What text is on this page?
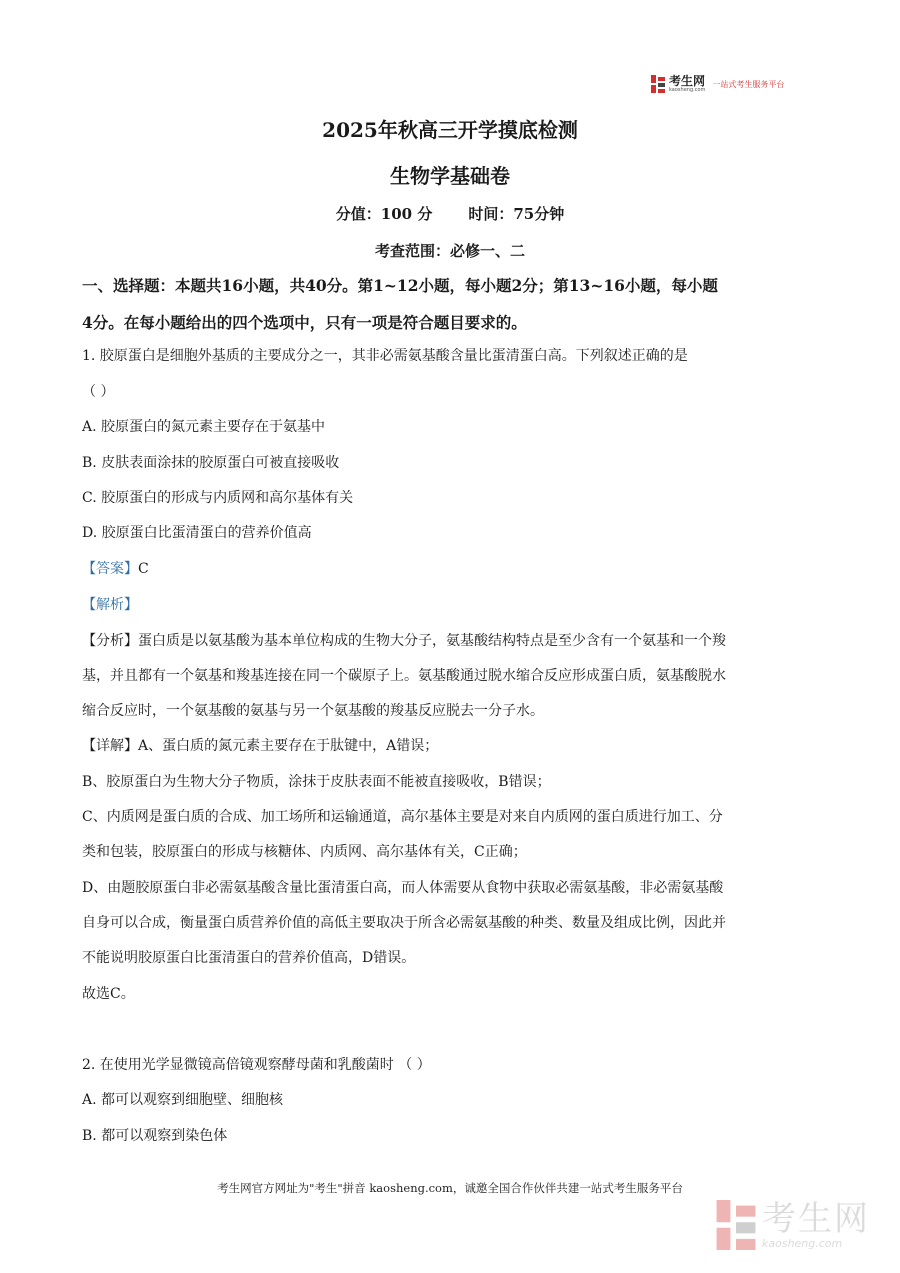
考生网
kaosheng.com
一站式考生服务平台
2025年秋高三开学摸底检测
生物学基础卷
分值：100 分 时间：75分钟
考查范围：必修一、二
一、选择题：本题共16小题，共40分。第1~12小题，每小题2分；第13~16小题，每小题
4分。在每小题给出的四个选项中，只有一项是符合题目要求的。
1. 胶原蛋白是细胞外基质的主要成分之一，其非必需氨基酸含量比蛋清蛋白高。下列叙述正确的是
（ ）
A. 胶原蛋白的氮元素主要存在于氨基中
B. 皮肤表面涂抹的胶原蛋白可被直接吸收
C. 胶原蛋白的形成与内质网和高尔基体有关
D. 胶原蛋白比蛋清蛋白的营养价值高
【答案】C
【解析】
【分析】蛋白质是以氨基酸为基本单位构成的生物大分子，氨基酸结构特点是至少含有一个氨基和一个羧
基，并且都有一个氨基和羧基连接在同一个碳原子上。氨基酸通过脱水缩合反应形成蛋白质，氨基酸脱水
缩合反应时，一个氨基酸的氨基与另一个氨基酸的羧基反应脱去一分子水。
【详解】A、蛋白质的氮元素主要存在于肽键中，A错误；
B、胶原蛋白为生物大分子物质，涂抹于皮肤表面不能被直接吸收，B错误；
C、内质网是蛋白质的合成、加工场所和运输通道，高尔基体主要是对来自内质网的蛋白质进行加工、分
类和包装，胶原蛋白的形成与核糖体、内质网、高尔基体有关，C正确；
D、由题胶原蛋白非必需氨基酸含量比蛋清蛋白高，而人体需要从食物中获取必需氨基酸，非必需氨基酸
自身可以合成，衡量蛋白质营养价值的高低主要取决于所含必需氨基酸的种类、数量及组成比例，因此并
不能说明胶原蛋白比蛋清蛋白的营养价值高，D错误。
故选C。
2. 在使用光学显微镜高倍镜观察酵母菌和乳酸菌时 （ ）
A. 都可以观察到细胞壁、细胞核
B. 都可以观察到染色体
考生网官方网址为"考生"拼音 kaosheng.com，诚邀全国合作伙伴共建一站式考生服务平台
考生网
kaosheng.com
